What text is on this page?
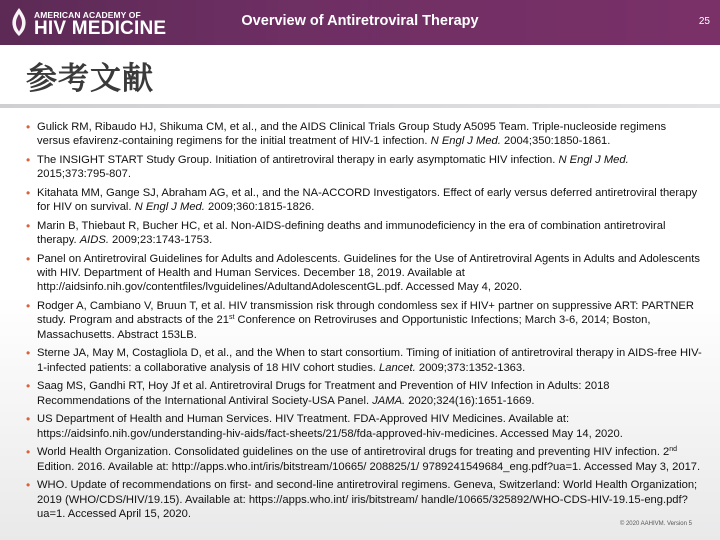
AMERICAN ACADEMY OF
HIV MEDICINE	Overview of Antiretroviral Therapy	25
参考文献
• Gulick RM, Ribaudo HJ, Shikuma CM, et al., and the AIDS Clinical Trials Group Study A5095 Team. Triple-nucleoside regimens versus efavirenz-containing regimens for the initial treatment of HIV-1 infection. N Engl J Med. 2004;350:1850-1861.
• The INSIGHT START Study Group. Initiation of antiretroviral therapy in early asymptomatic HIV infection. N Engl J Med. 2015;373:795-807.
• Kitahata MM, Gange SJ, Abraham AG, et al., and the NA-ACCORD Investigators. Effect of early versus deferred antiretroviral therapy for HIV on survival. N Engl J Med. 2009;360:1815-1826.
• Marin B, Thiebaut R, Bucher HC, et al. Non-AIDS-defining deaths and immunodeficiency in the era of combination antiretroviral therapy. AIDS. 2009;23:1743-1753.
• Panel on Antiretroviral Guidelines for Adults and Adolescents. Guidelines for the Use of Antiretroviral Agents in Adults and Adolescents with HIV. Department of Health and Human Services. December 18, 2019. Available at http://aidsinfo.nih.gov/contentfiles/lvguidelines/AdultandAdolescentGL.pdf. Accessed May 4, 2020.
• Rodger A, Cambiano V, Bruun T, et al. HIV transmission risk through condomless sex if HIV+ partner on suppressive ART: PARTNER study. Program and abstracts of the 21st Conference on Retroviruses and Opportunistic Infections; March 3-6, 2014; Boston, Massachusetts. Abstract 153LB.
• Sterne JA, May M, Costagliola D, et al., and the When to start consortium. Timing of initiation of antiretroviral therapy in AIDS-free HIV-1-infected patients: a collaborative analysis of 18 HIV cohort studies. Lancet. 2009;373:1352-1363.
• Saag MS, Gandhi RT, Hoy Jf et al. Antiretroviral Drugs for Treatment and Prevention of HIV Infection in Adults: 2018 Recommendations of the International Antiviral Society-USA Panel. JAMA. 2020;324(16):1651-1669.
• US Department of Health and Human Services. HIV Treatment. FDA-Approved HIV Medicines. Available at: https://aidsinfo.nih.gov/understanding-hiv-aids/fact-sheets/21/58/fda-approved-hiv-medicines. Accessed May 14, 2020.
• World Health Organization. Consolidated guidelines on the use of antiretroviral drugs for treating and preventing HIV infection. 2nd Edition. 2016. Available at: http://apps.who.int/iris/bitstream/10665/ 208825/1/ 9789241549684_eng.pdf?ua=1. Accessed May 3, 2017.
• WHO. Update of recommendations on first- and second-line antiretroviral regimens. Geneva, Switzerland: World Health Organization; 2019 (WHO/CDS/HIV/19.15). Available at: https://apps.who.int/ iris/bitstream/ handle/10665/325892/WHO-CDS-HIV-19.15-eng.pdf?ua=1. Accessed April 15, 2020.
© 2020 AAHIVM. Version 5
